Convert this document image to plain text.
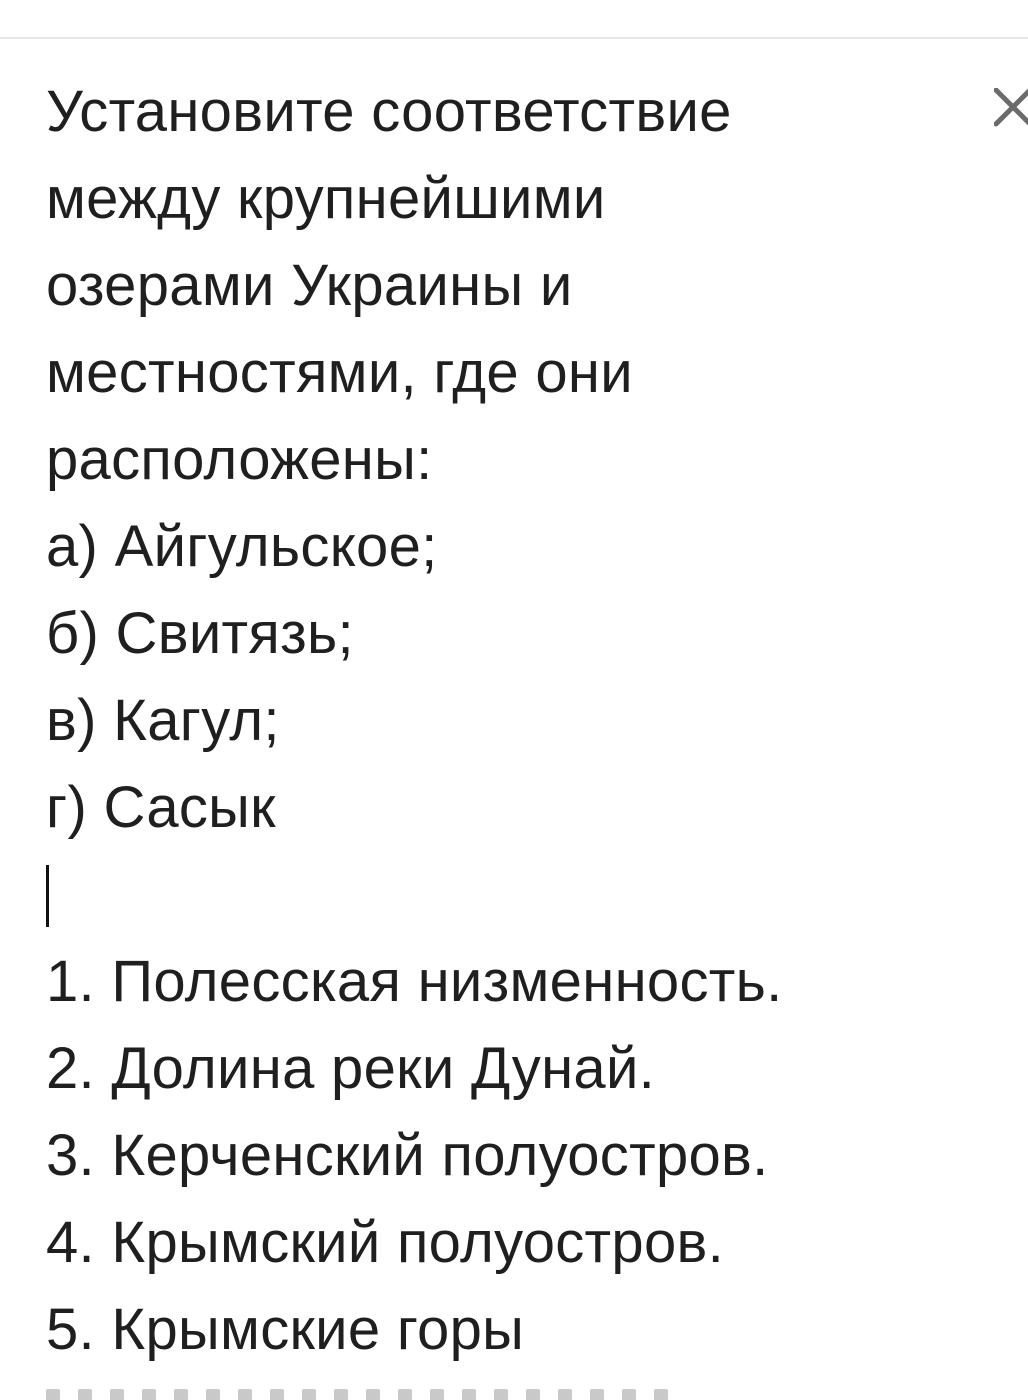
Установите соответствие
между крупнейшими
озерами Украины и
местностями, где они
расположены:
а) Айгульское;
б) Свитязь;
в) Кагул;
г) Сасык
1. Полесская низменность.
2. Долина реки Дунай.
3. Керченский полуостров.
4. Крымский полуостров.
5. Крымские горы
